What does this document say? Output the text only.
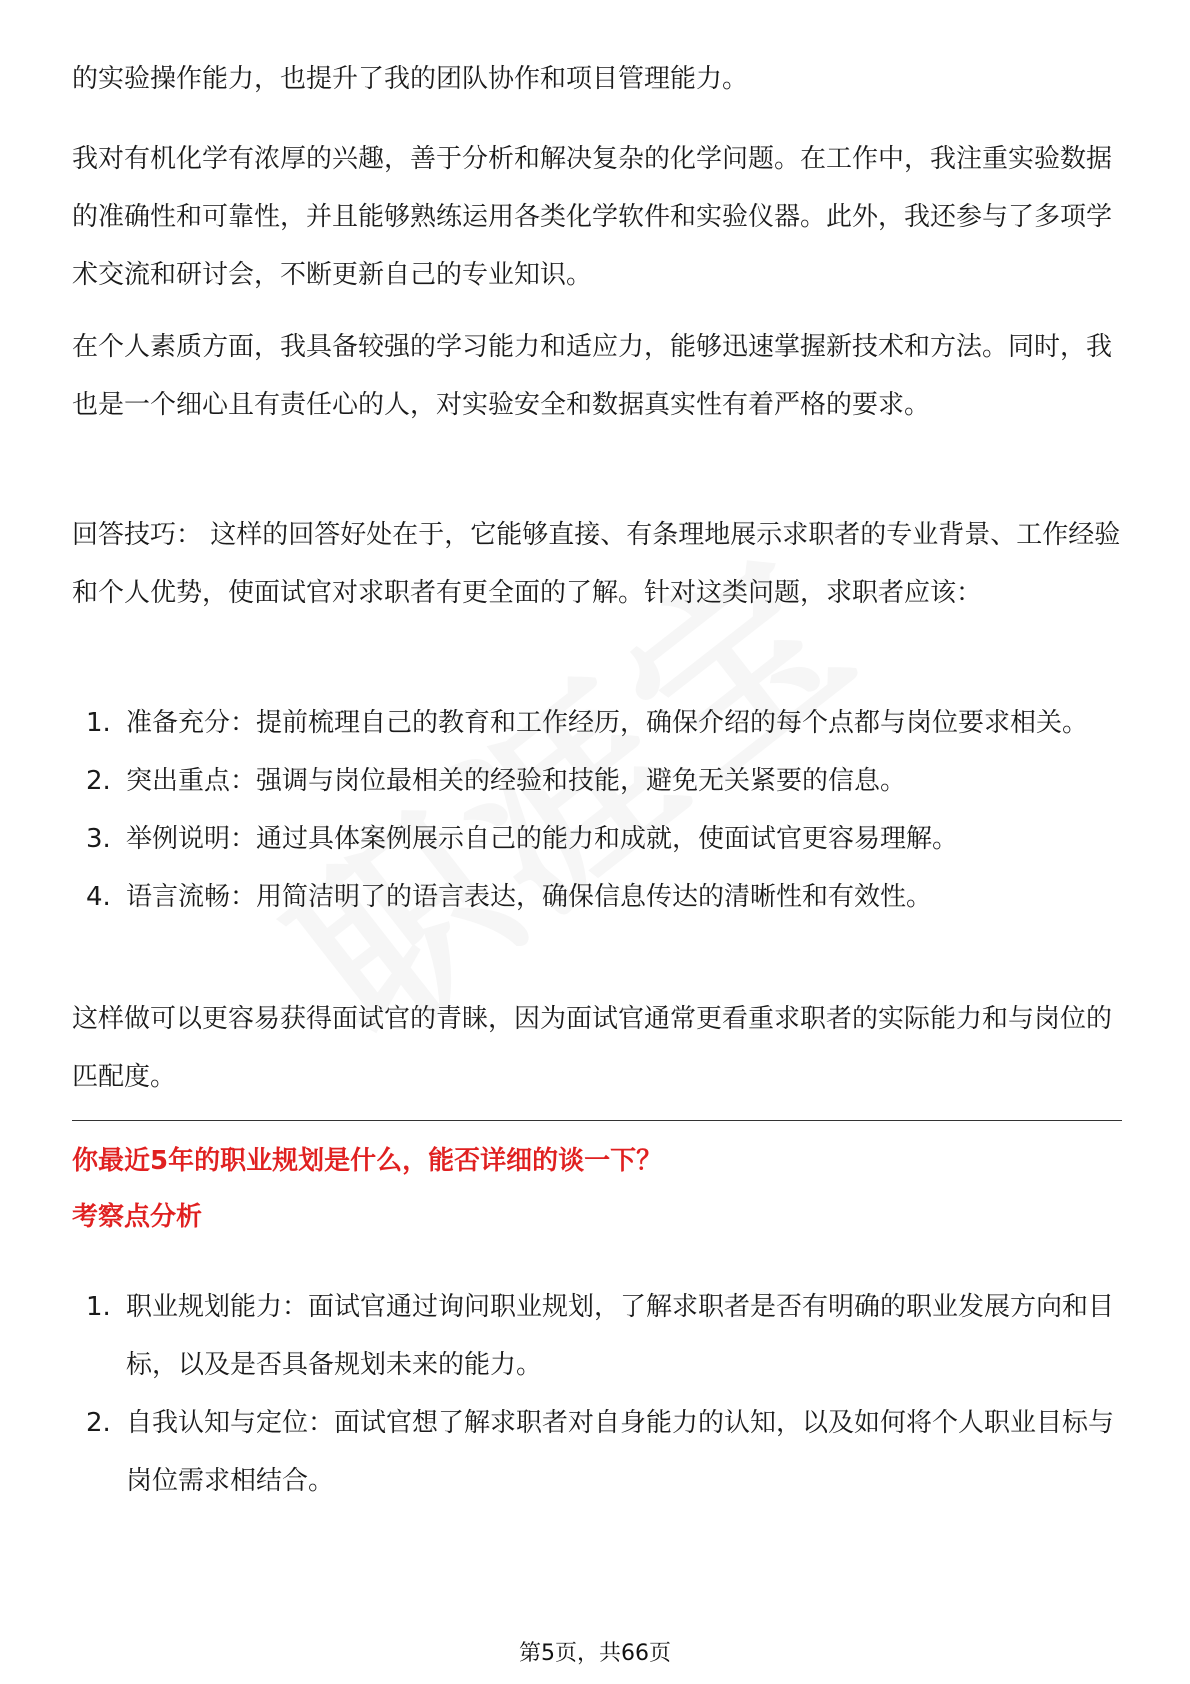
的实验操作能力，也提升了我的团队协作和项目管理能力。

我对有机化学有浓厚的兴趣，善于分析和解决复杂的化学问题。在工作中，我注重实验数据的准确性和可靠性，并且能够熟练运用各类化学软件和实验仪器。此外，我还参与了多项学术交流和研讨会，不断更新自己的专业知识。

在个人素质方面，我具备较强的学习能力和适应力，能够迅速掌握新技术和方法。同时，我也是一个细心且有责任心的人，对实验安全和数据真实性有着严格的要求。

回答技巧： 这样的回答好处在于，它能够直接、有条理地展示求职者的专业背景、工作经验和个人优势，使面试官对求职者有更全面的了解。针对这类问题，求职者应该：

1. 准备充分：提前梳理自己的教育和工作经历，确保介绍的每个点都与岗位要求相关。
2. 突出重点：强调与岗位最相关的经验和技能，避免无关紧要的信息。
3. 举例说明：通过具体案例展示自己的能力和成就，使面试官更容易理解。
4. 语言流畅：用简洁明了的语言表达，确保信息传达的清晰性和有效性。

这样做可以更容易获得面试官的青睐，因为面试官通常更看重求职者的实际能力和与岗位的匹配度。

你最近5年的职业规划是什么，能否详细的谈一下？

考察点分析

1. 职业规划能力：面试官通过询问职业规划，了解求职者是否有明确的职业发展方向和目标，以及是否具备规划未来的能力。
2. 自我认知与定位：面试官想了解求职者对自身能力的认知，以及如何将个人职业目标与岗位需求相结合。
第5页，共66页
